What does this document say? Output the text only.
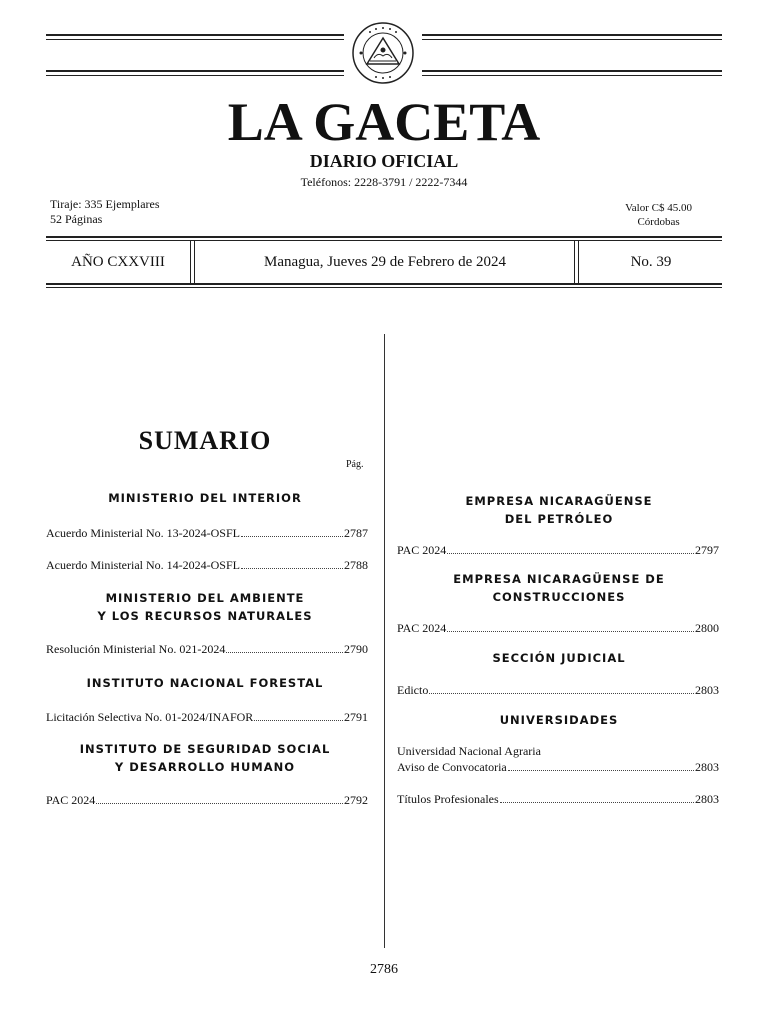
LA GACETA
DIARIO OFICIAL
Teléfonos: 2228-3791 / 2222-7344
Tiraje: 335 Ejemplares
52 Páginas
Valor C$ 45.00
Córdobas
AÑO CXXVIII	Managua, Jueves 29 de Febrero de 2024	No. 39
SUMARIO
Pág.
MINISTERIO DEL INTERIOR
Acuerdo Ministerial No. 13-2024-OSFL	2787
Acuerdo Ministerial No. 14-2024-OSFL	2788
MINISTERIO DEL AMBIENTE
Y LOS RECURSOS NATURALES
Resolución Ministerial No. 021-2024	2790
INSTITUTO NACIONAL FORESTAL
Licitación Selectiva No. 01-2024/INAFOR	2791
INSTITUTO DE SEGURIDAD SOCIAL
Y DESARROLLO HUMANO
PAC 2024	2792
EMPRESA NICARAGÜENSE
DEL PETRÓLEO
PAC 2024	2797
EMPRESA NICARAGÜENSE DE
CONSTRUCCIONES
PAC 2024	2800
SECCIÓN JUDICIAL
Edicto	2803
UNIVERSIDADES
Universidad Nacional Agraria
Aviso de Convocatoria	2803
Títulos Profesionales	2803
2786
